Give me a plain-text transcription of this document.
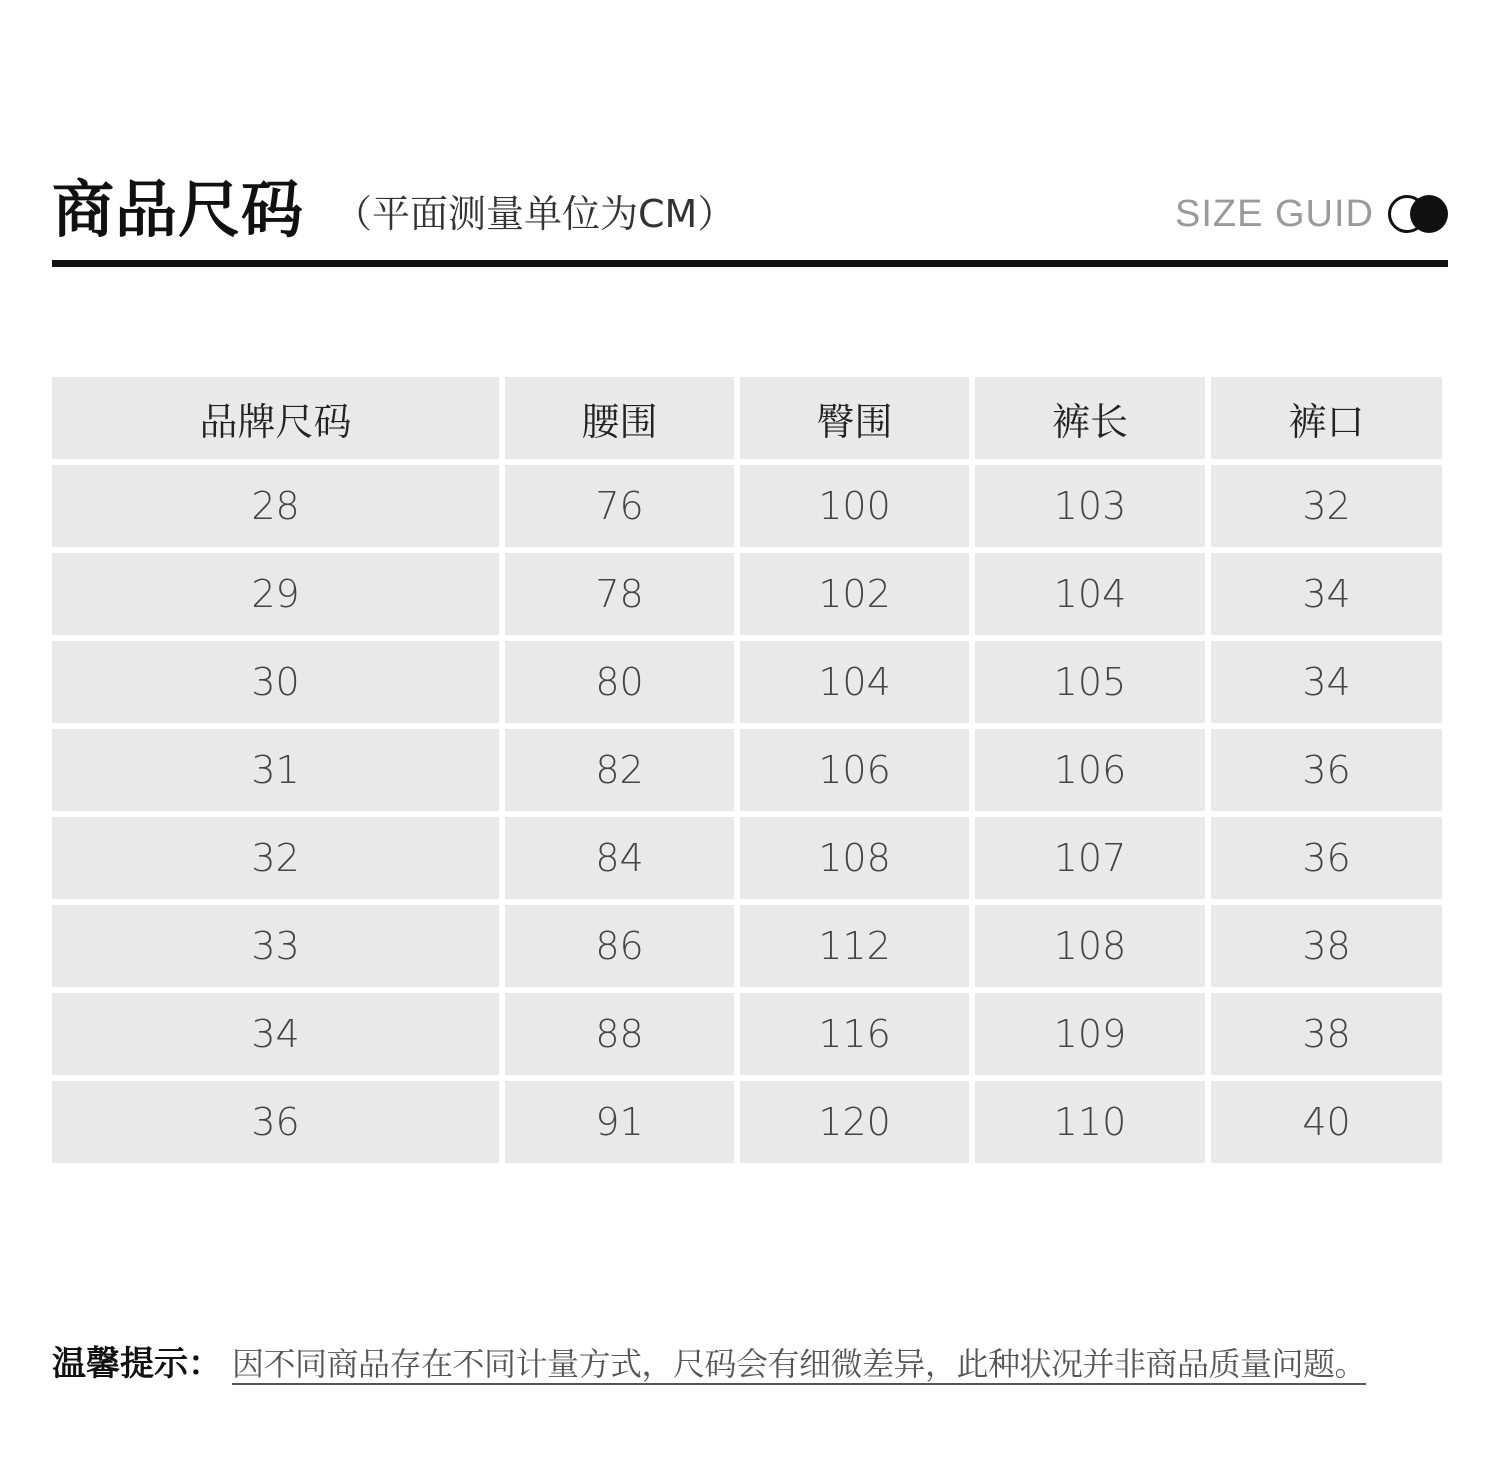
商品尺码 （平面测量单位为CM）	SIZE GUID
品牌尺码	腰围	臀围	裤长	裤口
28	76	100	103	32
29	78	102	104	34
30	80	104	105	34
31	82	106	106	36
32	84	108	107	36
33	86	112	108	38
34	88	116	109	38
36	91	120	110	40
温馨提示： 因不同商品存在不同计量方式，尺码会有细微差异，此种状况并非商品质量问题。
